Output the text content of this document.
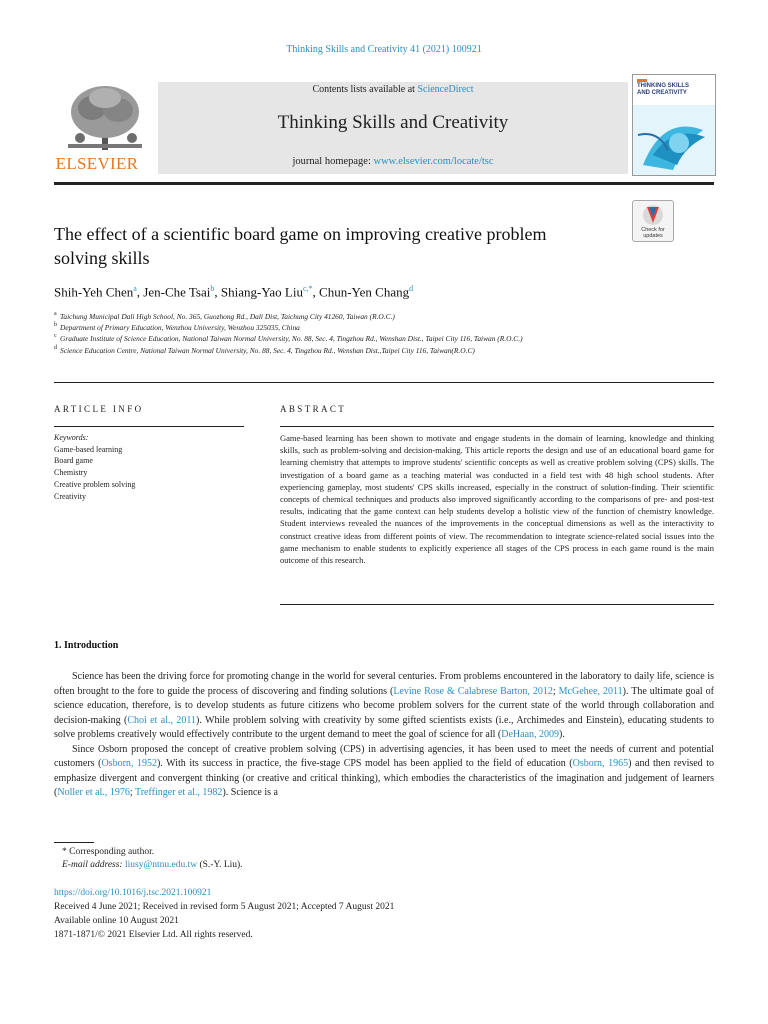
Thinking Skills and Creativity 41 (2021) 100921
ELSEVIER
Contents lists available at ScienceDirect
Thinking Skills and Creativity
journal homepage: www.elsevier.com/locate/tsc
THINKING SKILLS AND CREATIVITY
The effect of a scientific board game on improving creative problem solving skills
Check for updates
Shih-Yeh Chen$^a$, Jen-Che Tsai$^b$, Shiang-Yao Liu$^{c,*}$, Chun-Yen Chang$^d$
a Taichung Municipal Dali High School, No. 365, Guozhong Rd., Dali Dist, Taichung City 41260, Taiwan (R.O.C.)
b Department of Primary Education, Wenzhou University, Wenzhou 325035, China
c Graduate Institute of Science Education, National Taiwan Normal University, No. 88, Sec. 4, Tingzhou Rd., Wenshan Dist., Taipei City 116, Taiwan (R.O.C.)
d Science Education Centre, National Taiwan Normal University, No. 88, Sec. 4, Tingzhou Rd., Wenshan Dist.,Taipei City 116, Taiwan(R.O.C)
ARTICLE INFO	ABSTRACT
Keywords:
Game-based learning
Board game
Chemistry
Creative problem solving
Creativity
Game-based learning has been shown to motivate and engage students in the domain of learning, knowledge and thinking skills, such as problem-solving and decision-making. This article reports the design and use of an educational board game for learning chemistry that attempts to improve students' scientific concepts as well as creative problem solving (CPS) skills. The investigation of a board game as a teaching material was conducted in a field test with 48 high school students. After experiencing gameplay, most students' CPS skills increased, especially in the construct of solution-finding. Their scientific concepts of chemical techniques and products also improved significantly according to the comparisons of pre- and post-test results, indicating that the game context can help students develop a holistic view of the function of chemistry knowledge. Student interviews revealed the nuances of the improvements in the conceptual dimensions as well as the interactivity to construct creative ideas from different points of view. The recommendation to integrate science-related social issues into the game mechanism to enable students to explicitly experience all stages of the CPS process in each game round is the main outcome of this research.
1. Introduction

Science has been the driving force for promoting change in the world for several centuries. From problems encountered in the laboratory to daily life, science is often brought to the fore to guide the process of discovering and finding solutions (Levine Rose & Calabrese Barton, 2012; McGehee, 2011). The ultimate goal of science education, therefore, is to develop students as future citizens who become problem solvers for the current state of the world through collaboration and decision-making (Choi et al., 2011). While problem solving with creativity by some gifted scientists exists (i.e., Archimedes and Einstein), educating students to solve problems creatively would effectively contribute to the urgent demand to meet the goal of science for all (DeHaan, 2009).

Since Osborn proposed the concept of creative problem solving (CPS) in advertising agencies, it has been used to meet the needs of current and potential customers (Osborn, 1952). With its success in practice, the five-stage CPS model has been applied to the field of education (Osborn, 1965) and then revised to emphasize divergent and convergent thinking (or creative and critical thinking), which embodies the characteristics of the imagination and judgement of learners (Noller et al., 1976; Treffinger et al., 1982). Science is a

* Corresponding author.
E-mail address: liusy@ntnu.edu.tw (S.-Y. Liu).
https://doi.org/10.1016/j.tsc.2021.100921
Received 4 June 2021; Received in revised form 5 August 2021; Accepted 7 August 2021
Available online 10 August 2021
1871-1871/© 2021 Elsevier Ltd. All rights reserved.
